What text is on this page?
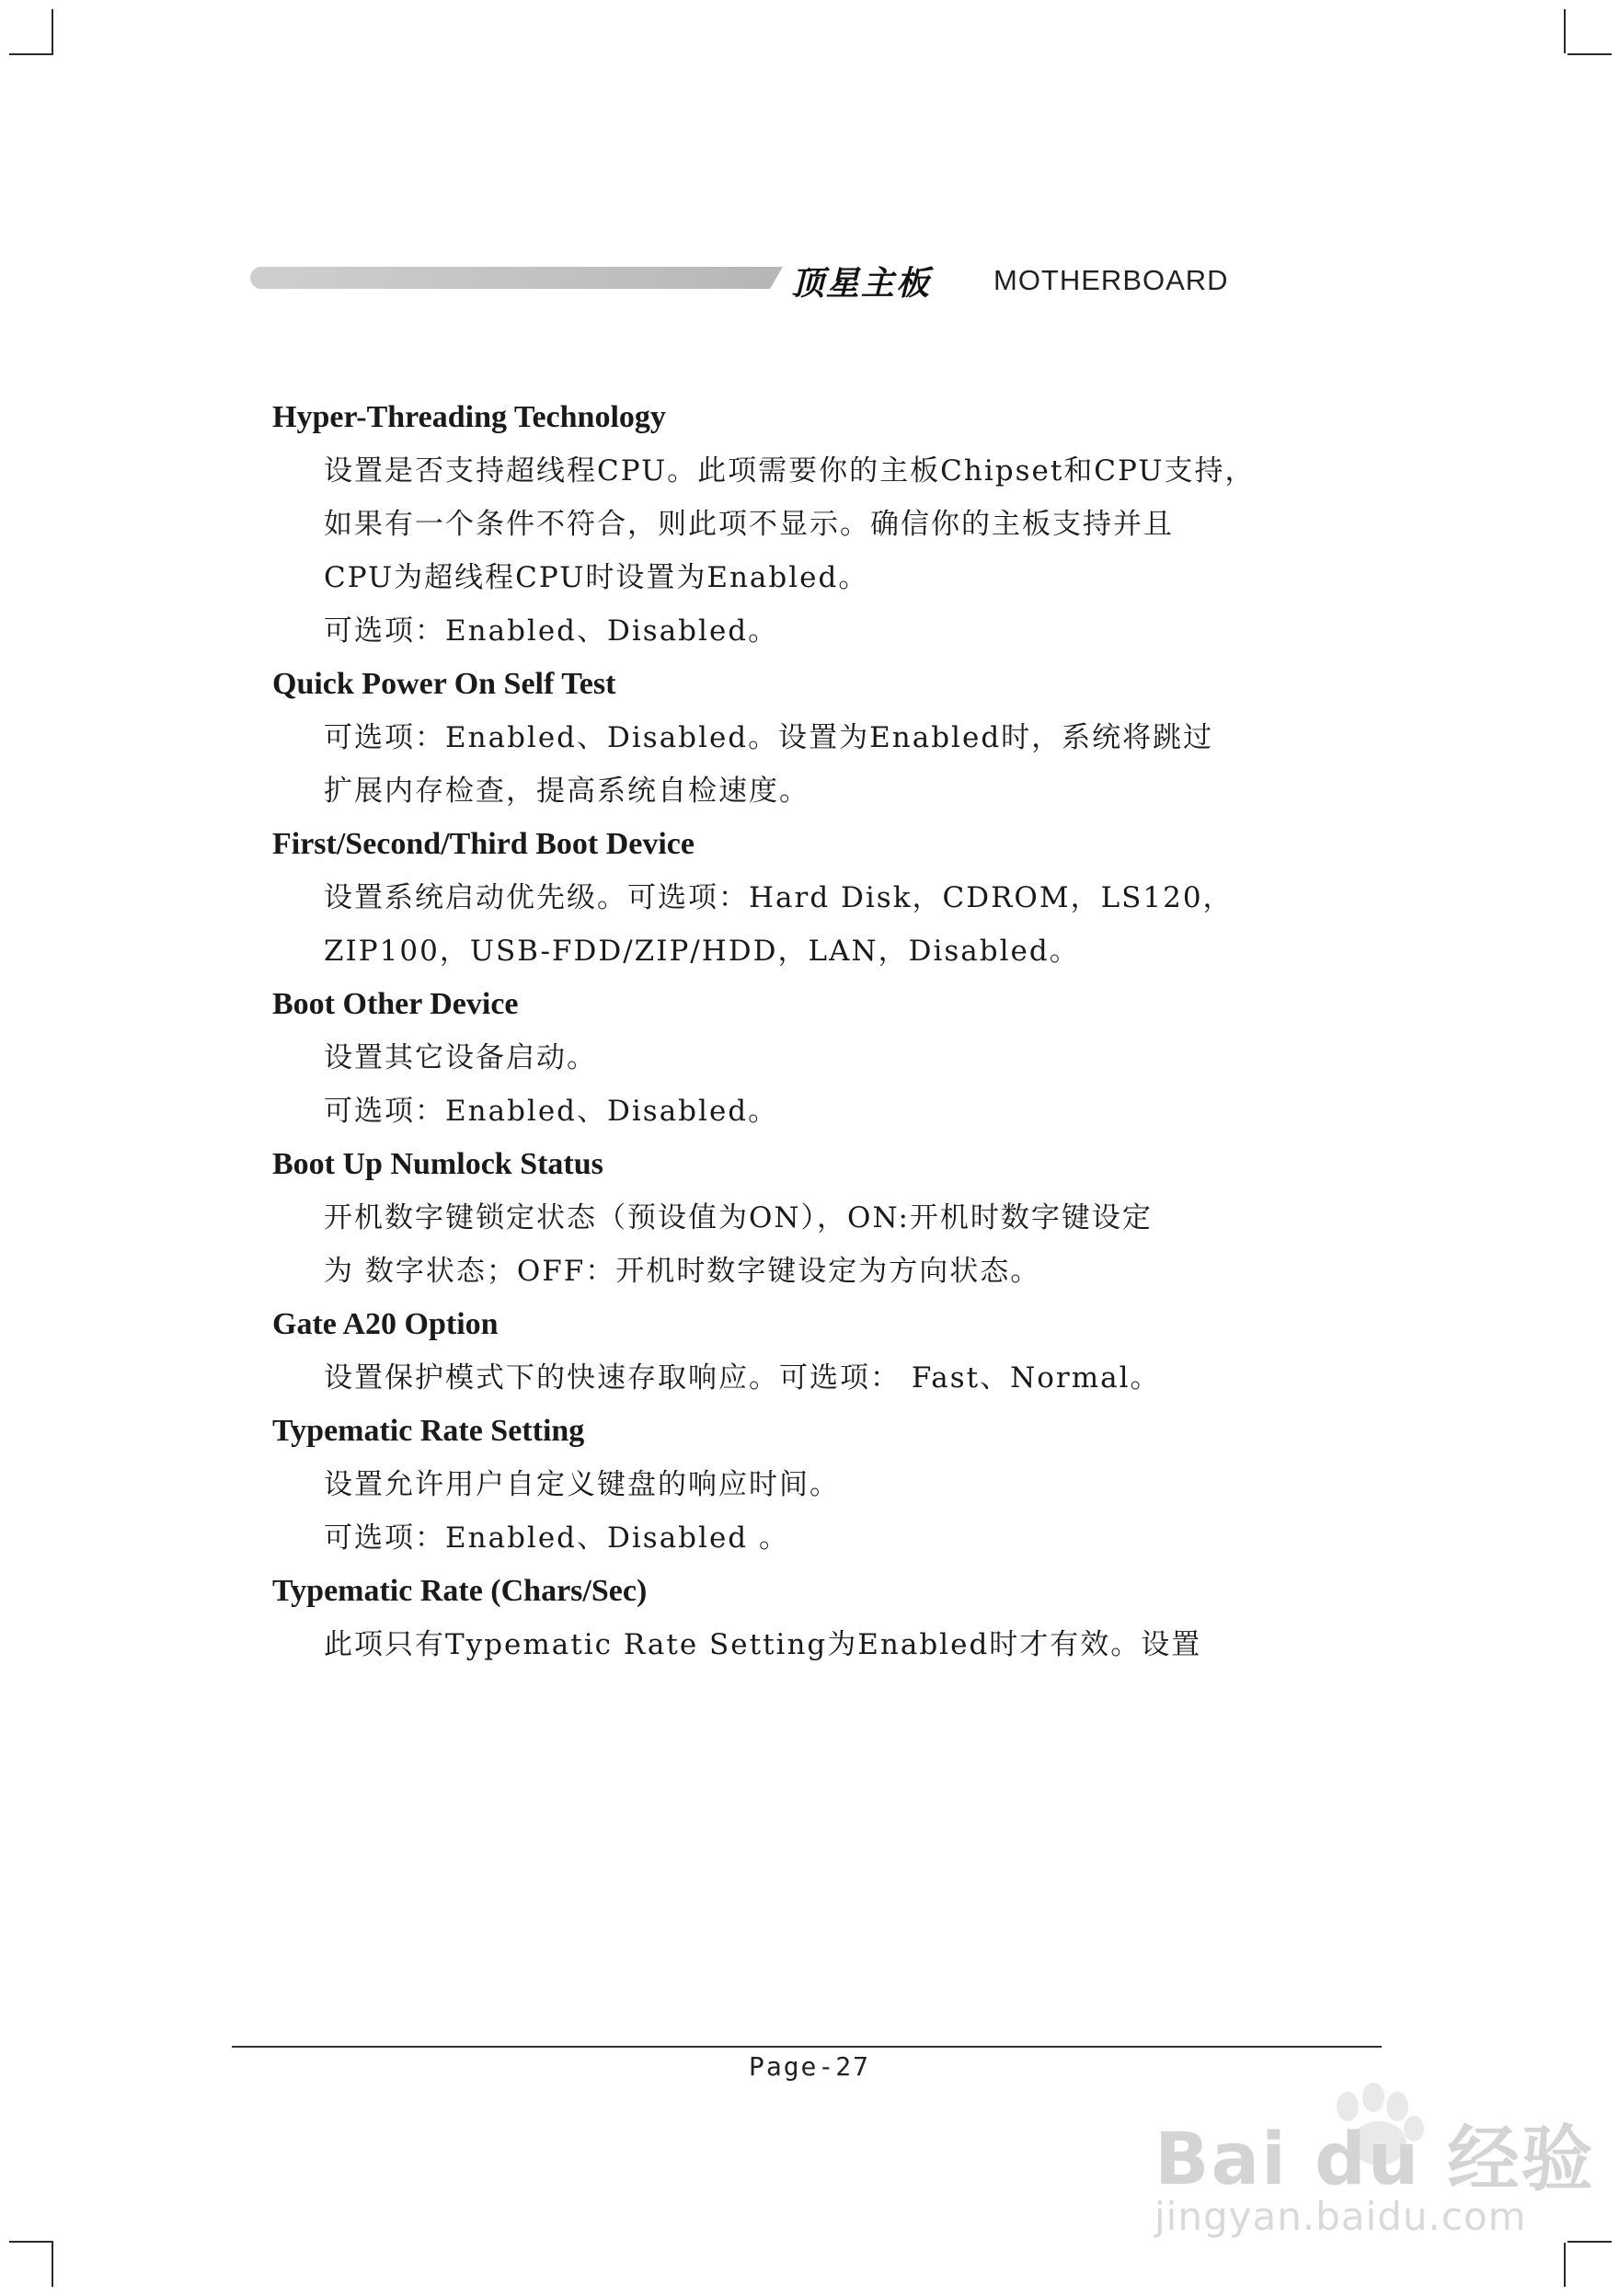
顶星主板 MOTHERBOARD
Hyper-Threading Technology
设置是否支持超线程CPU。此项需要你的主板Chipset和CPU支持，
如果有一个条件不符合，则此项不显示。确信你的主板支持并且
CPU为超线程CPU时设置为Enabled。
可选项：Enabled、Disabled。
Quick Power On Self Test
可选项：Enabled、Disabled。设置为Enabled时，系统将跳过
扩展内存检查，提高系统自检速度。
First/Second/Third Boot Device
设置系统启动优先级。可选项：Hard Disk，CDROM，LS120，
ZIP100，USB-FDD/ZIP/HDD，LAN，Disabled。
Boot Other Device
设置其它设备启动。
可选项：Enabled、Disabled。
Boot Up Numlock Status
开机数字键锁定状态（预设值为ON），ON:开机时数字键设定
为 数字状态；OFF：开机时数字键设定为方向状态。
Gate A20 Option
设置保护模式下的快速存取响应。可选项： Fast、Normal。
Typematic Rate Setting
设置允许用户自定义键盘的响应时间。
可选项：Enabled、Disabled 。
Typematic Rate (Chars/Sec)
此项只有Typematic Rate Setting为Enabled时才有效。设置
Page-27
Bai du 经验
jingyan.baidu.com
